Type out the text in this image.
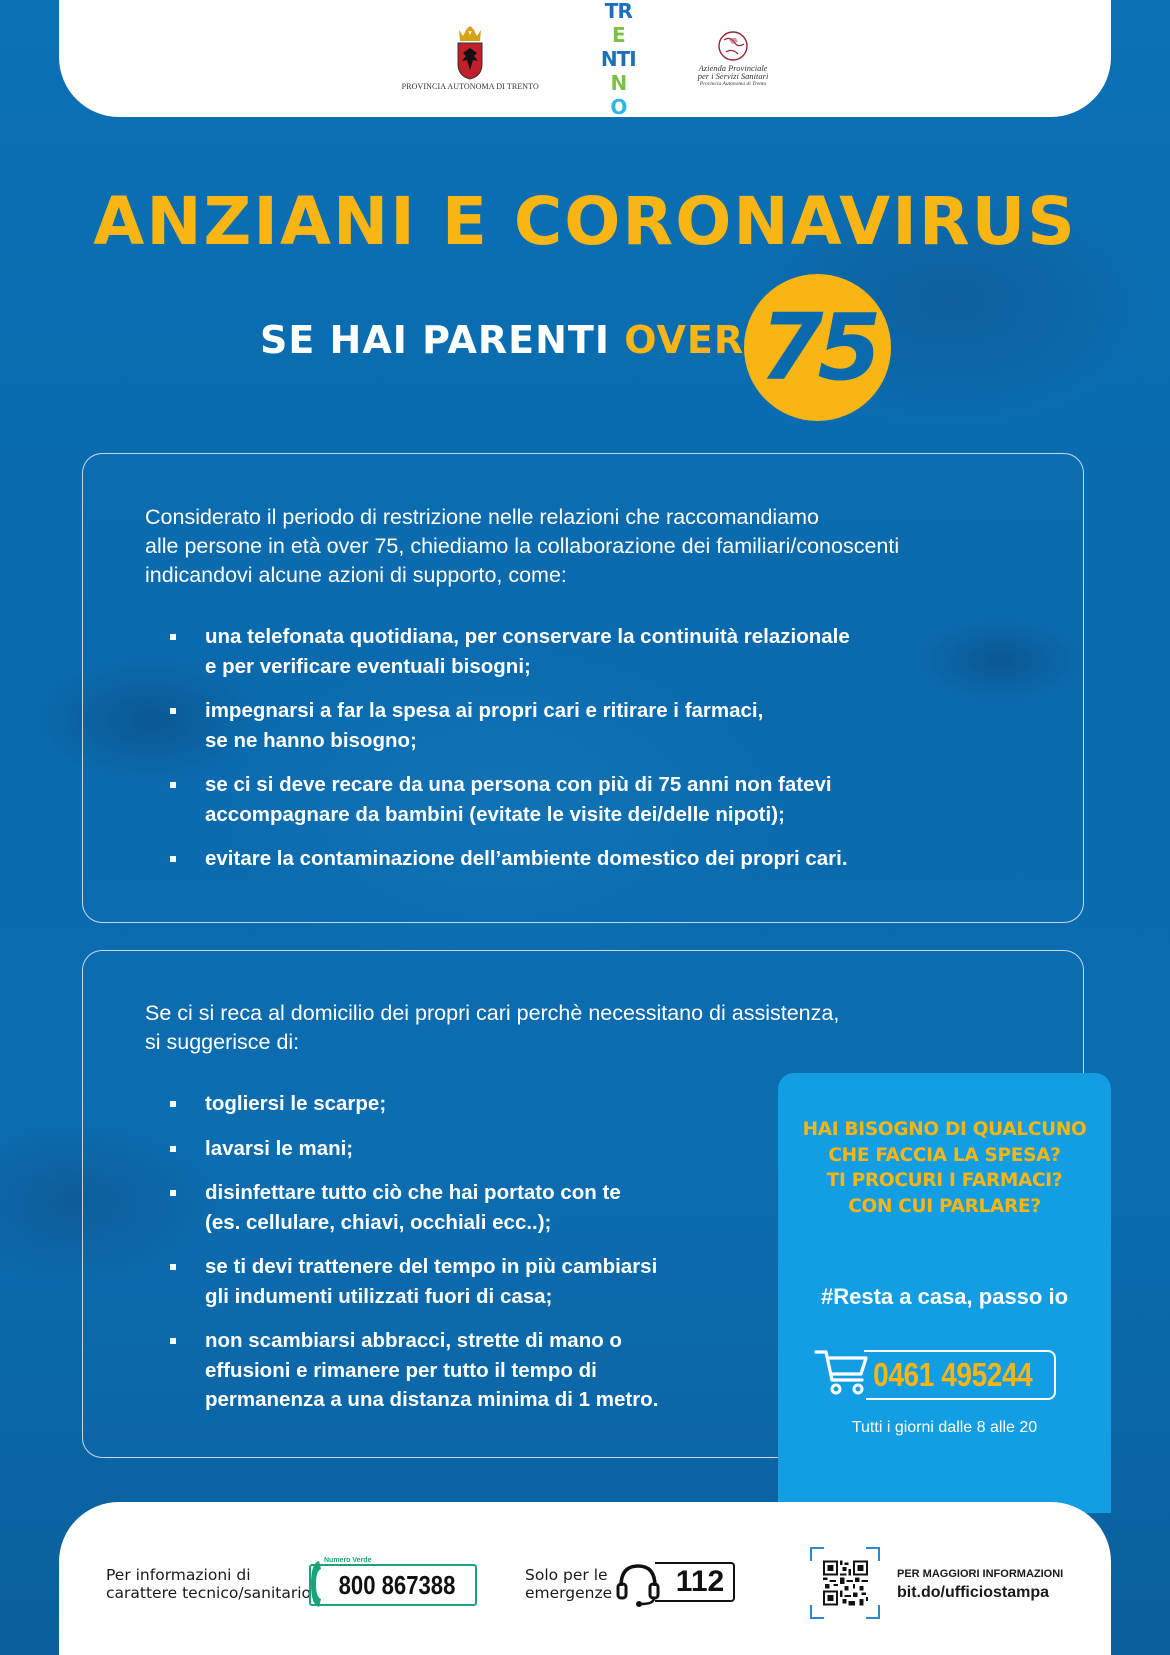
PROVINCIA AUTONOMA DI TRENTO
TR
E
NTI
N
O
Azienda Provinciale
per i Servizi Sanitari
Provincia Autonoma di Trento
ANZIANI E CORONAVIRUS
SE HAI PARENTI OVER 75
Considerato il periodo di restrizione nelle relazioni che raccomandiamo
alle persone in età over 75, chiediamo la collaborazione dei familiari/conoscenti
indicandovi alcune azioni di supporto, come:
una telefonata quotidiana, per conservare la continuità relazionale
e per verificare eventuali bisogni;
impegnarsi a far la spesa ai propri cari e ritirare i farmaci,
se ne hanno bisogno;
se ci si deve recare da una persona con più di 75 anni non fatevi
accompagnare da bambini (evitate le visite dei/delle nipoti);
evitare la contaminazione dell’ambiente domestico dei propri cari.
Se ci si reca al domicilio dei propri cari perchè necessitano di assistenza,
si suggerisce di:
togliersi le scarpe;
lavarsi le mani;
disinfettare tutto ciò che hai portato con te
(es. cellulare, chiavi, occhiali ecc..);
se ti devi trattenere del tempo in più cambiarsi
gli indumenti utilizzati fuori di casa;
non scambiarsi abbracci, strette di mano o
effusioni e rimanere per tutto il tempo di
permanenza a una distanza minima di 1 metro.
HAI BISOGNO DI QUALCUNO
CHE FACCIA LA SPESA?
TI PROCURI I FARMACI?
CON CUI PARLARE?
#Resta a casa, passo io
0461 495244
Tutti i giorni dalle 8 alle 20
Per informazioni di
carattere tecnico/sanitario
Numero Verde
800 867388	Solo per le
emergenze	112	PER MAGGIORI INFORMAZIONI
bit.do/ufficiostampa
